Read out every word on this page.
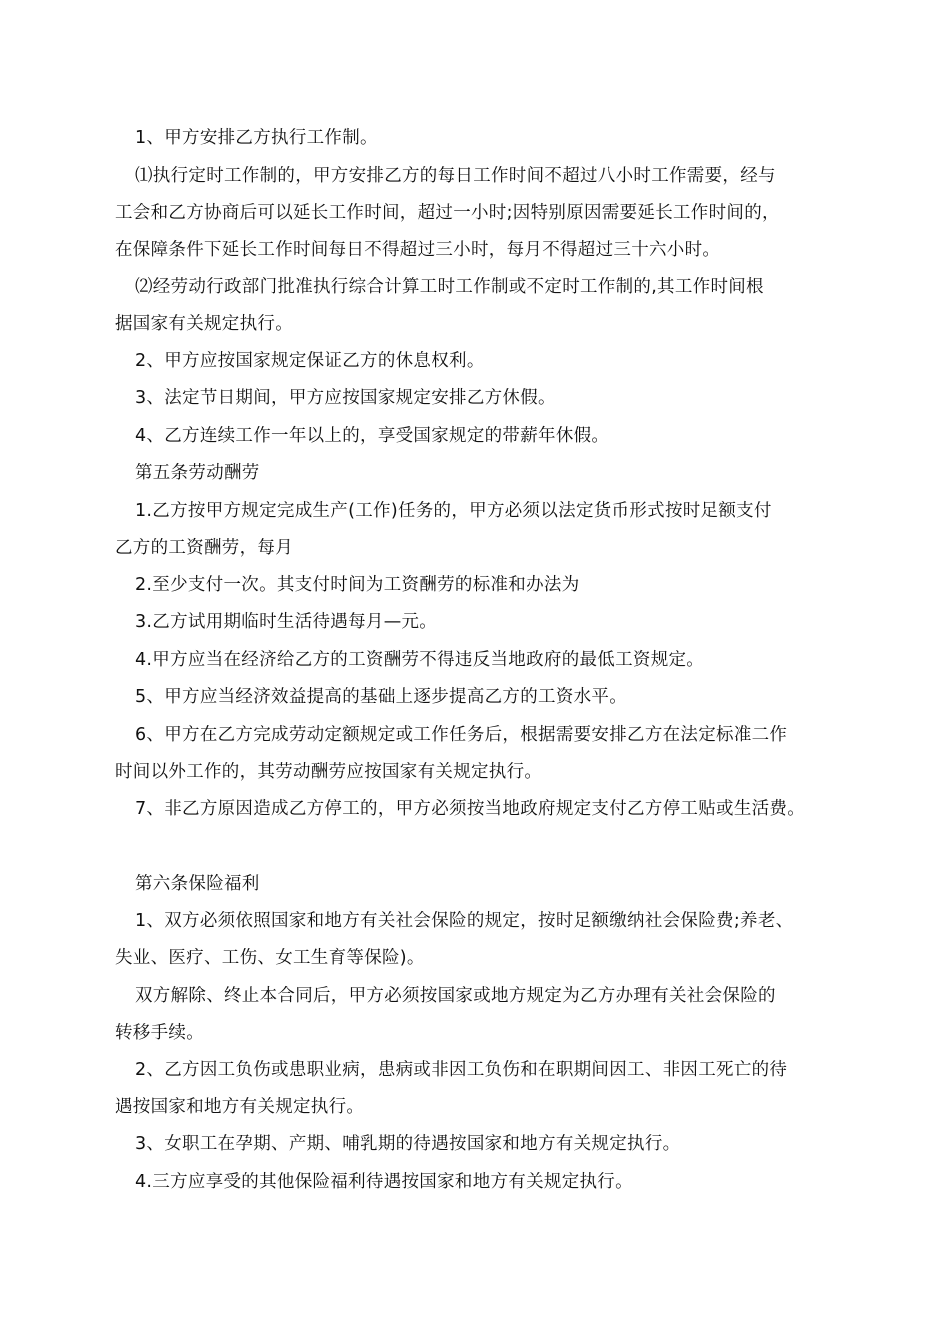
1、甲方安排乙方执行工作制。
⑴执行定时工作制的，甲方安排乙方的每日工作时间不超过八小时工作需要，经与
工会和乙方协商后可以延长工作时间，超过一小时;因特别原因需要延长工作时间的，
在保障条件下延长工作时间每日不得超过三小时，每月不得超过三十六小时。
⑵经劳动行政部门批准执行综合计算工时工作制或不定时工作制的,其工作时间根
据国家有关规定执行。
2、甲方应按国家规定保证乙方的休息权利。
3、法定节日期间，甲方应按国家规定安排乙方休假。
4、乙方连续工作一年以上的，享受国家规定的带薪年休假。
第五条劳动酬劳
1.乙方按甲方规定完成生产(工作)任务的，甲方必须以法定货币形式按时足额支付
乙方的工资酬劳，每月
2.至少支付一次。其支付时间为工资酬劳的标准和办法为
3.乙方试用期临时生活待遇每月—元。
4.甲方应当在经济给乙方的工资酬劳不得违反当地政府的最低工资规定。
5、甲方应当经济效益提高的基础上逐步提高乙方的工资水平。
6、甲方在乙方完成劳动定额规定或工作任务后，根据需要安排乙方在法定标准二作
时间以外工作的，其劳动酬劳应按国家有关规定执行。
7、非乙方原因造成乙方停工的，甲方必须按当地政府规定支付乙方停工贴或生活费。
第六条保险福利
1、双方必须依照国家和地方有关社会保险的规定，按时足额缴纳社会保险费;养老、
失业、医疗、工伤、女工生育等保险)。
双方解除、终止本合同后，甲方必须按国家或地方规定为乙方办理有关社会保险的
转移手续。
2、乙方因工负伤或患职业病，患病或非因工负伤和在职期间因工、非因工死亡的待
遇按国家和地方有关规定执行。
3、女职工在孕期、产期、哺乳期的待遇按国家和地方有关规定执行。
4.三方应享受的其他保险福利待遇按国家和地方有关规定执行。
